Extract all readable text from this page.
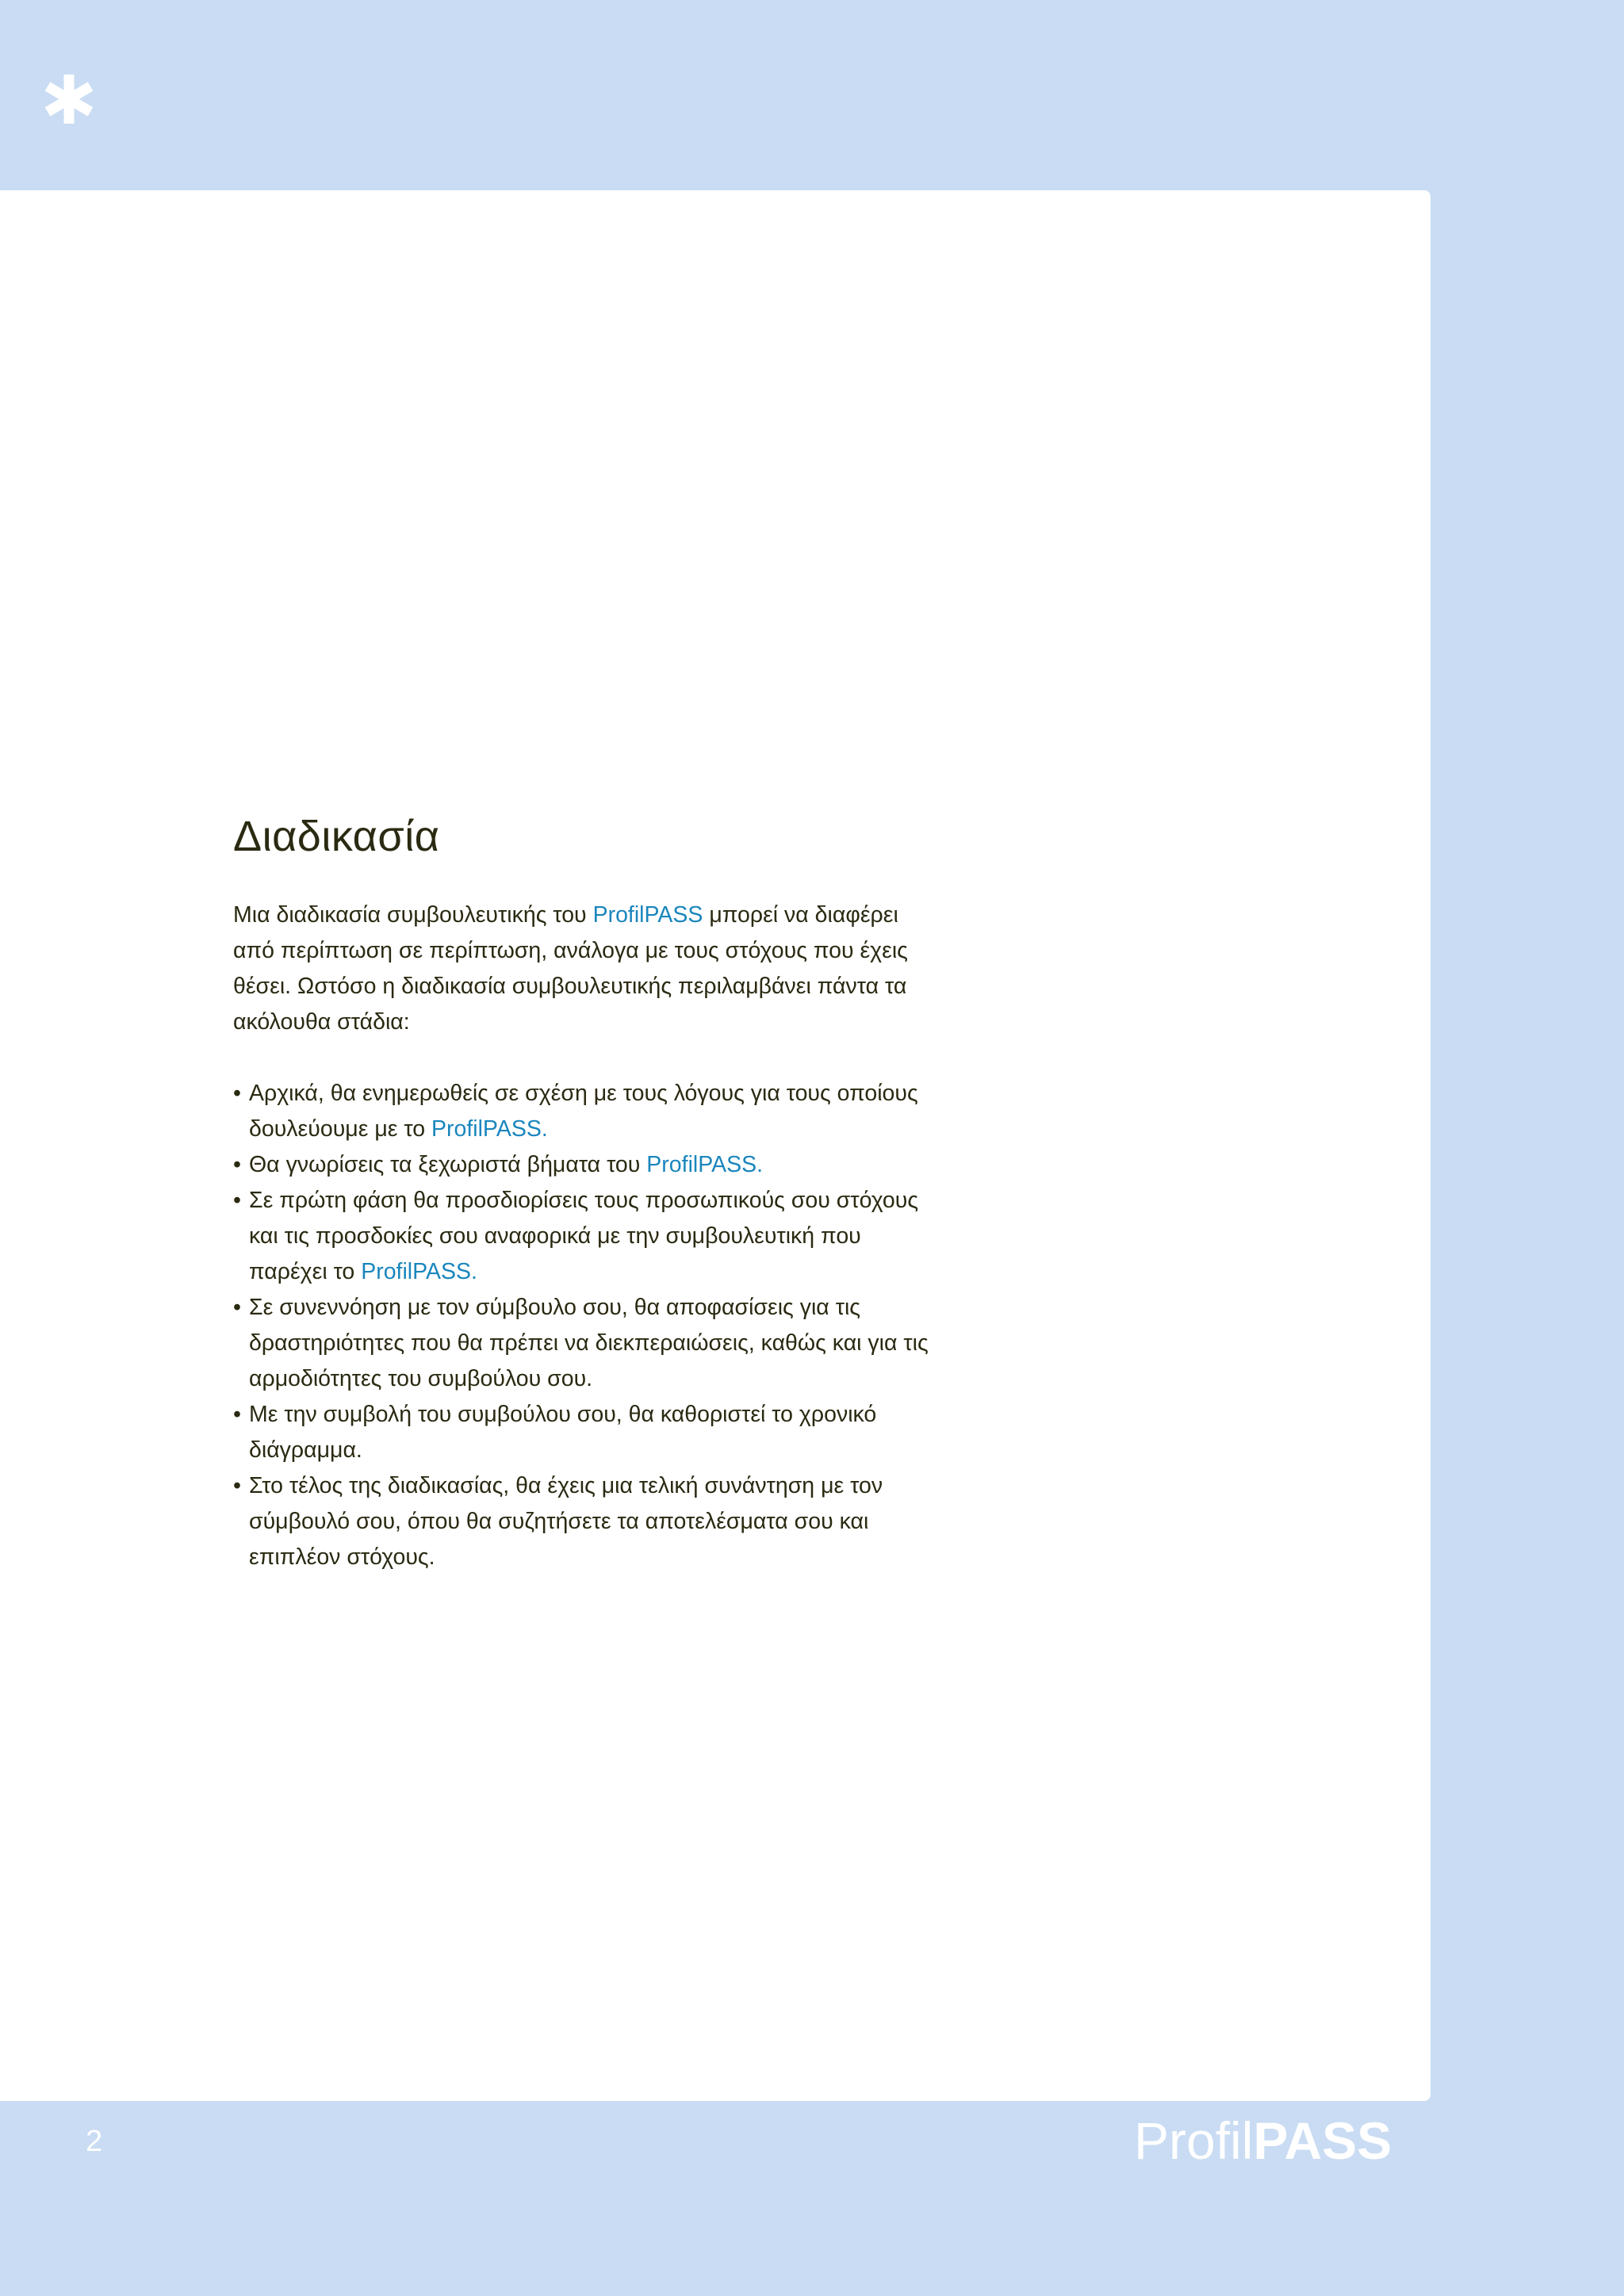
Διαδικασία

Μια διαδικασία συμβουλευτικής του ProfilPASS μπορεί να διαφέρει από περίπτωση σε περίπτωση, ανάλογα με τους στόχους που έχεις θέσει. Ωστόσο η διαδικασία συμβουλευτικής περιλαμβάνει πάντα τα ακόλουθα στάδια:

• Αρχικά, θα ενημερωθείς σε σχέση με τους λόγους για τους οποίους δουλεύουμε με το ProfilPASS.
• Θα γνωρίσεις τα ξεχωριστά βήματα του ProfilPASS.
• Σε πρώτη φάση θα προσδιορίσεις τους προσωπικούς σου στόχους και τις προσδοκίες σου αναφορικά με την συμβουλευτική που παρέχει το ProfilPASS.
• Σε συνεννόηση με τον σύμβουλο σου, θα αποφασίσεις για τις δραστηριότητες που θα πρέπει να διεκπεραιώσεις, καθώς και για τις αρμοδιότητες του συμβούλου σου.
• Με την συμβολή του συμβούλου σου, θα καθοριστεί το χρονικό διάγραμμα.
• Στο τέλος της διαδικασίας, θα έχεις μια τελική συνάντηση με τον σύμβουλό σου, όπου θα συζητήσετε τα αποτελέσματα σου και επιπλέον στόχους.
2	ProfilPASS
